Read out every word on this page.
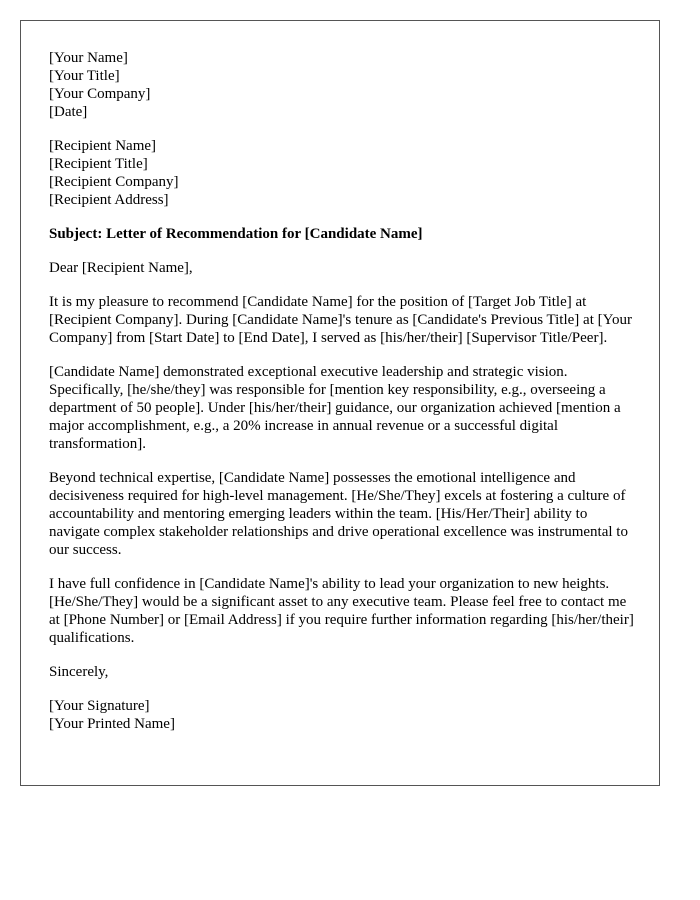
[Your Name]
[Your Title]
[Your Company]
[Date]
[Recipient Name]
[Recipient Title]
[Recipient Company]
[Recipient Address]
Subject: Letter of Recommendation for [Candidate Name]
Dear [Recipient Name],

It is my pleasure to recommend [Candidate Name] for the position of [Target Job Title] at [Recipient Company]. During [Candidate Name]'s tenure as [Candidate's Previous Title] at [Your Company] from [Start Date] to [End Date], I served as [his/her/their] [Supervisor Title/Peer].

[Candidate Name] demonstrated exceptional executive leadership and strategic vision. Specifically, [he/she/they] was responsible for [mention key responsibility, e.g., overseeing a department of 50 people]. Under [his/her/their] guidance, our organization achieved [mention a major accomplishment, e.g., a 20% increase in annual revenue or a successful digital transformation].

Beyond technical expertise, [Candidate Name] possesses the emotional intelligence and decisiveness required for high-level management. [He/She/They] excels at fostering a culture of accountability and mentoring emerging leaders within the team. [His/Her/Their] ability to navigate complex stakeholder relationships and drive operational excellence was instrumental to our success.

I have full confidence in [Candidate Name]'s ability to lead your organization to new heights. [He/She/They] would be a significant asset to any executive team. Please feel free to contact me at [Phone Number] or [Email Address] if you require further information regarding [his/her/their] qualifications.

Sincerely,
[Your Signature]
[Your Printed Name]
